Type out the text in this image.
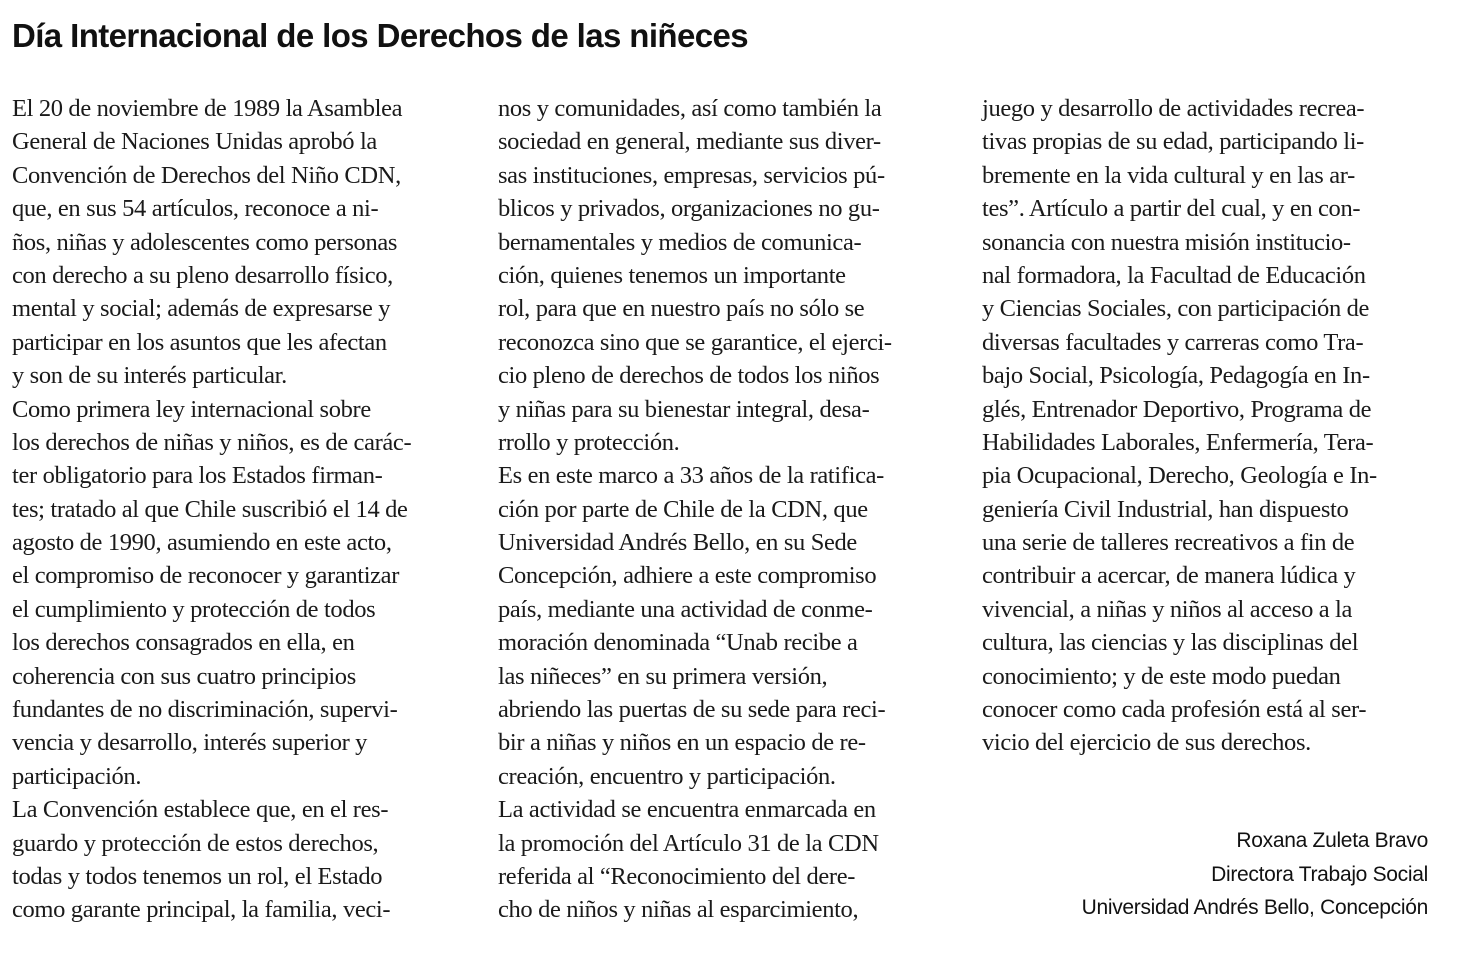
Día Internacional de los Derechos de las niñeces
El 20 de noviembre de 1989 la Asamblea
General de Naciones Unidas aprobó la
Convención de Derechos del Niño CDN,
que, en sus 54 artículos, reconoce a ni-
ños, niñas y adolescentes como personas
con derecho a su pleno desarrollo físico,
mental y social; además de expresarse y
participar en los asuntos que les afectan
y son de su interés particular.
Como primera ley internacional sobre
los derechos de niñas y niños, es de carác-
ter obligatorio para los Estados firman-
tes; tratado al que Chile suscribió el 14 de
agosto de 1990, asumiendo en este acto,
el compromiso de reconocer y garantizar
el cumplimiento y protección de todos
los derechos consagrados en ella, en
coherencia con sus cuatro principios
fundantes de no discriminación, supervi-
vencia y desarrollo, interés superior y
participación.
La Convención establece que, en el res-
guardo y protección de estos derechos,
todas y todos tenemos un rol, el Estado
como garante principal, la familia, veci-
nos y comunidades, así como también la
sociedad en general, mediante sus diver-
sas instituciones, empresas, servicios pú-
blicos y privados, organizaciones no gu-
bernamentales y medios de comunica-
ción, quienes tenemos un importante
rol, para que en nuestro país no sólo se
reconozca sino que se garantice, el ejerci-
cio pleno de derechos de todos los niños
y niñas para su bienestar integral, desa-
rrollo y protección.
Es en este marco a 33 años de la ratifica-
ción por parte de Chile de la CDN, que
Universidad Andrés Bello, en su Sede
Concepción, adhiere a este compromiso
país, mediante una actividad de conme-
moración denominada “Unab recibe a
las niñeces” en su primera versión,
abriendo las puertas de su sede para reci-
bir a niñas y niños en un espacio de re-
creación, encuentro y participación.
La actividad se encuentra enmarcada en
la promoción del Artículo 31 de la CDN
referida al “Reconocimiento del dere-
cho de niños y niñas al esparcimiento,
juego y desarrollo de actividades recrea-
tivas propias de su edad, participando li-
bremente en la vida cultural y en las ar-
tes”. Artículo a partir del cual, y en con-
sonancia con nuestra misión institucio-
nal formadora, la Facultad de Educación
y Ciencias Sociales, con participación de
diversas facultades y carreras como Tra-
bajo Social, Psicología, Pedagogía en In-
glés, Entrenador Deportivo, Programa de
Habilidades Laborales, Enfermería, Tera-
pia Ocupacional, Derecho, Geología e In-
geniería Civil Industrial, han dispuesto
una serie de talleres recreativos a fin de
contribuir a acercar, de manera lúdica y
vivencial, a niñas y niños al acceso a la
cultura, las ciencias y las disciplinas del
conocimiento; y de este modo puedan
conocer como cada profesión está al ser-
vicio del ejercicio de sus derechos.
Roxana Zuleta Bravo
Directora Trabajo Social
Universidad Andrés Bello, Concepción
